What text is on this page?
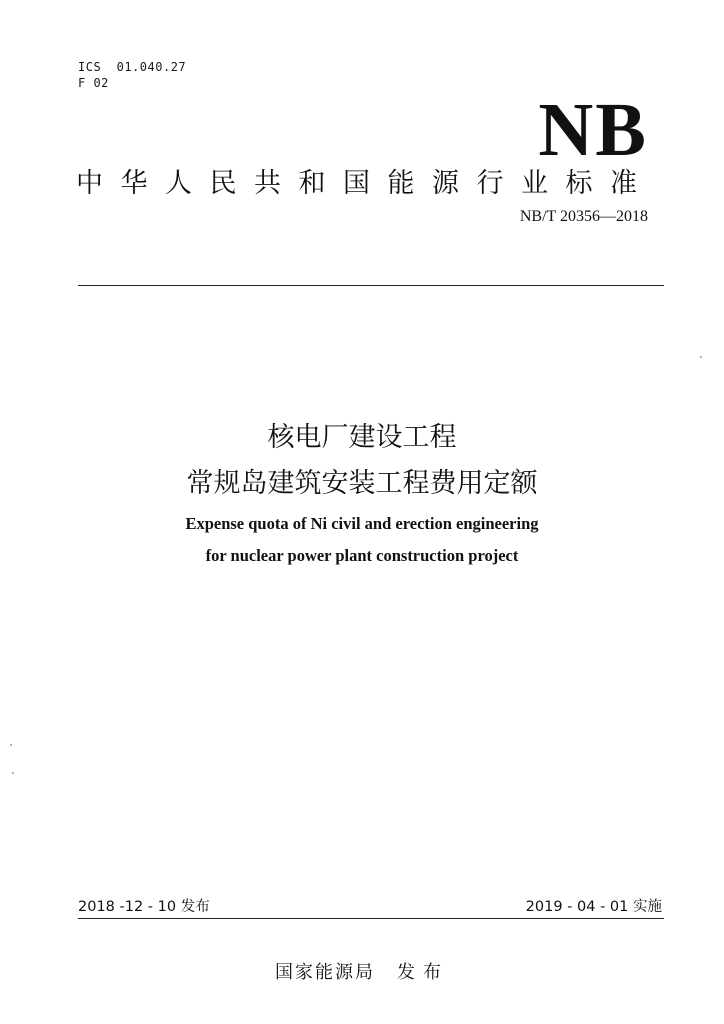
ICS  01.040.27
F 02
NB
中华人民共和国能源行业标准
NB/T 20356—2018
核电厂建设工程
常规岛建筑安装工程费用定额
Expense quota of Ni civil and erection engineering
for nuclear power plant construction project
2018 -12 - 10 发布	2019 - 04 - 01 实施
国家能源局 发布
